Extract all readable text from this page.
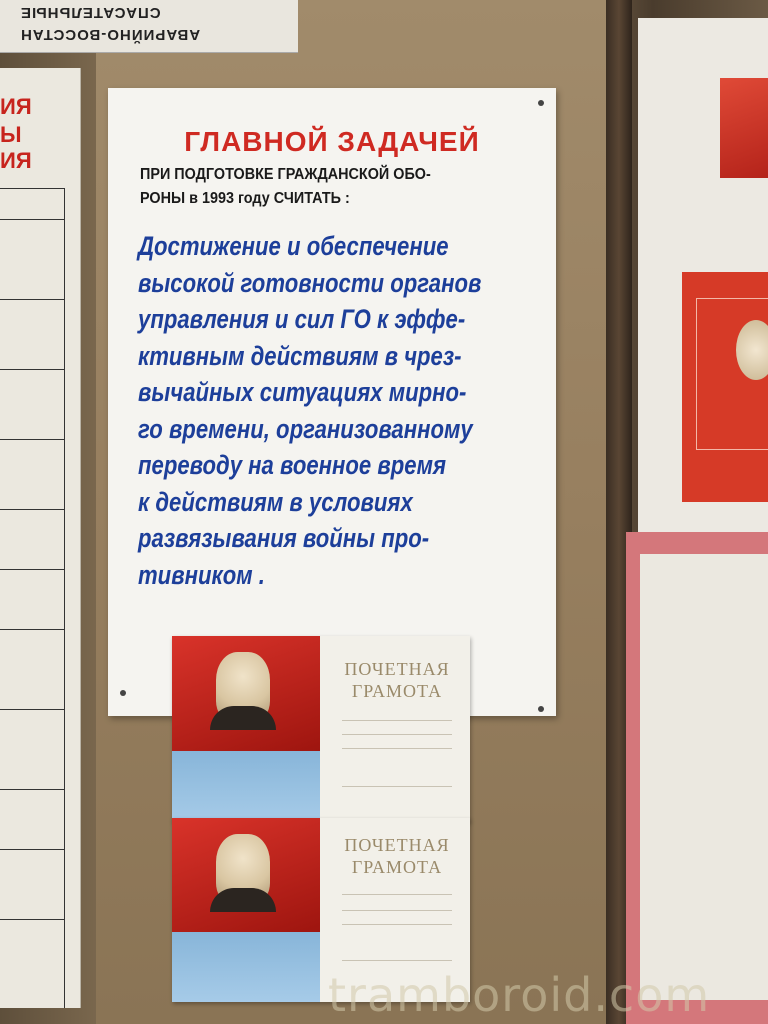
СПАСАТЕЛЬНЫЕ
АВАРИЙНО-ВОССТАН
ИЯ
Ы
ИЯ
ГЛАВНОЙ ЗАДАЧЕЙ
ПРИ ПОДГОТОВКЕ ГРАЖДАНСКОЙ ОБО-
РОНЫ в 1993 году СЧИТАТЬ :
Достижение и обеспечение
высокой готовности органов
управления и сил ГО к эффе-
ктивным действиям в чрез-
вычайных ситуациях мирно-
го времени, организованному
переводу на военное время
к действиям в условиях
развязывания войны про-
тивником .
ПОЧЕТНАЯ
ГРАМОТА
ПОЧЕТНАЯ
ГРАМОТА
tramboroid.com
